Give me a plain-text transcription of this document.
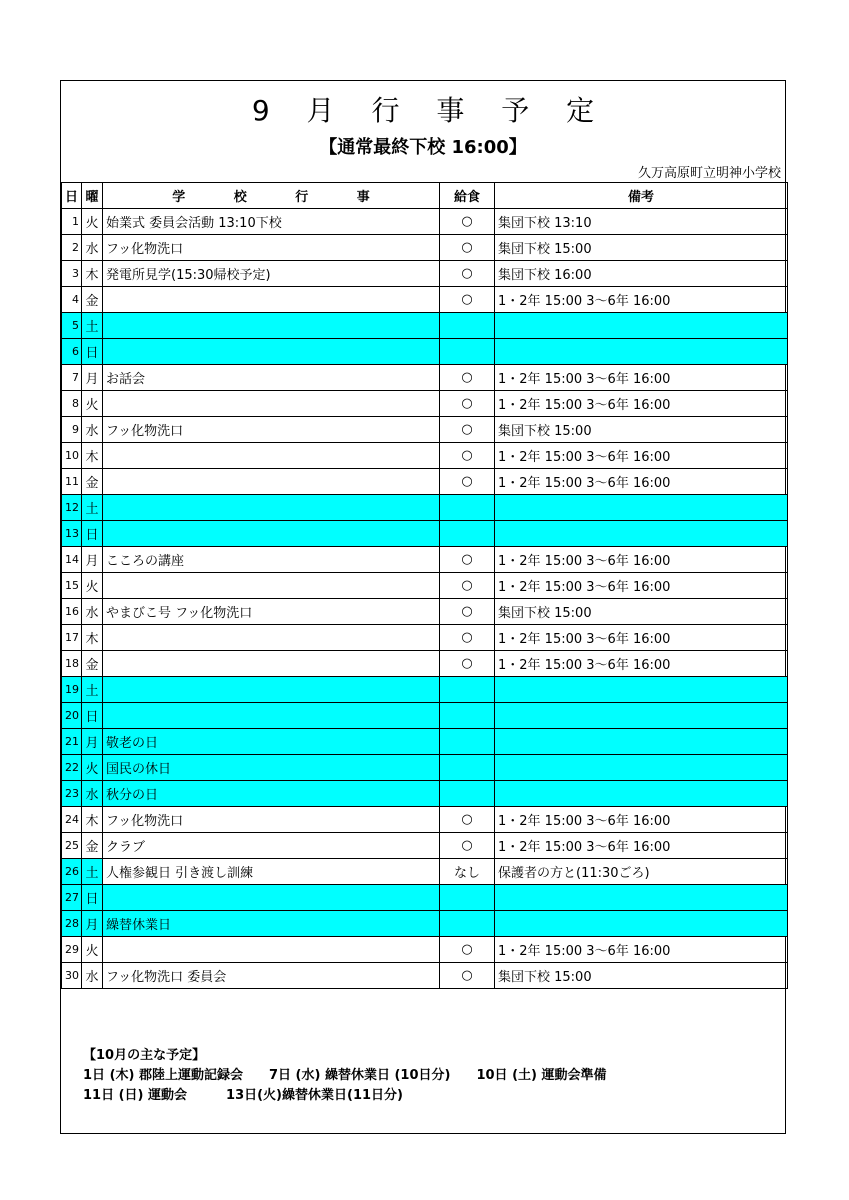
9 月 行 事 予 定
【通常最終下校 16:00】
久万高原町立明神小学校
日	曜	学 校 行 事	給食	備考
1	火	始業式 委員会活動 13:10下校	○	集団下校 13:10
2	水	フッ化物洗口	○	集団下校 15:00
3	木	発電所見学(15:30帰校予定)	○	集団下校 16:00
4	金		○	1・2年 15:00 3～6年 16:00
5	土			
6	日			
7	月	お話会	○	1・2年 15:00 3～6年 16:00
8	火		○	1・2年 15:00 3～6年 16:00
9	水	フッ化物洗口	○	集団下校 15:00
10	木		○	1・2年 15:00 3～6年 16:00
11	金		○	1・2年 15:00 3～6年 16:00
12	土			
13	日			
14	月	こころの講座	○	1・2年 15:00 3～6年 16:00
15	火		○	1・2年 15:00 3～6年 16:00
16	水	やまびこ号 フッ化物洗口	○	集団下校 15:00
17	木		○	1・2年 15:00 3～6年 16:00
18	金		○	1・2年 15:00 3～6年 16:00
19	土			
20	日			
21	月	敬老の日		
22	火	国民の休日		
23	水	秋分の日		
24	木	フッ化物洗口	○	1・2年 15:00 3～6年 16:00
25	金	クラブ	○	1・2年 15:00 3～6年 16:00
26	土	人権参観日 引き渡し訓練	なし	保護者の方と(11:30ごろ)
27	日			
28	月	繰替休業日		
29	火		○	1・2年 15:00 3～6年 16:00
30	水	フッ化物洗口 委員会	○	集団下校 15:00
【10月の主な予定】
1日 (木) 郡陸上運動記録会　　7日 (水) 繰替休業日 (10日分)　　10日 (土) 運動会準備
11日 (日) 運動会　　　13日(火)繰替休業日(11日分)
